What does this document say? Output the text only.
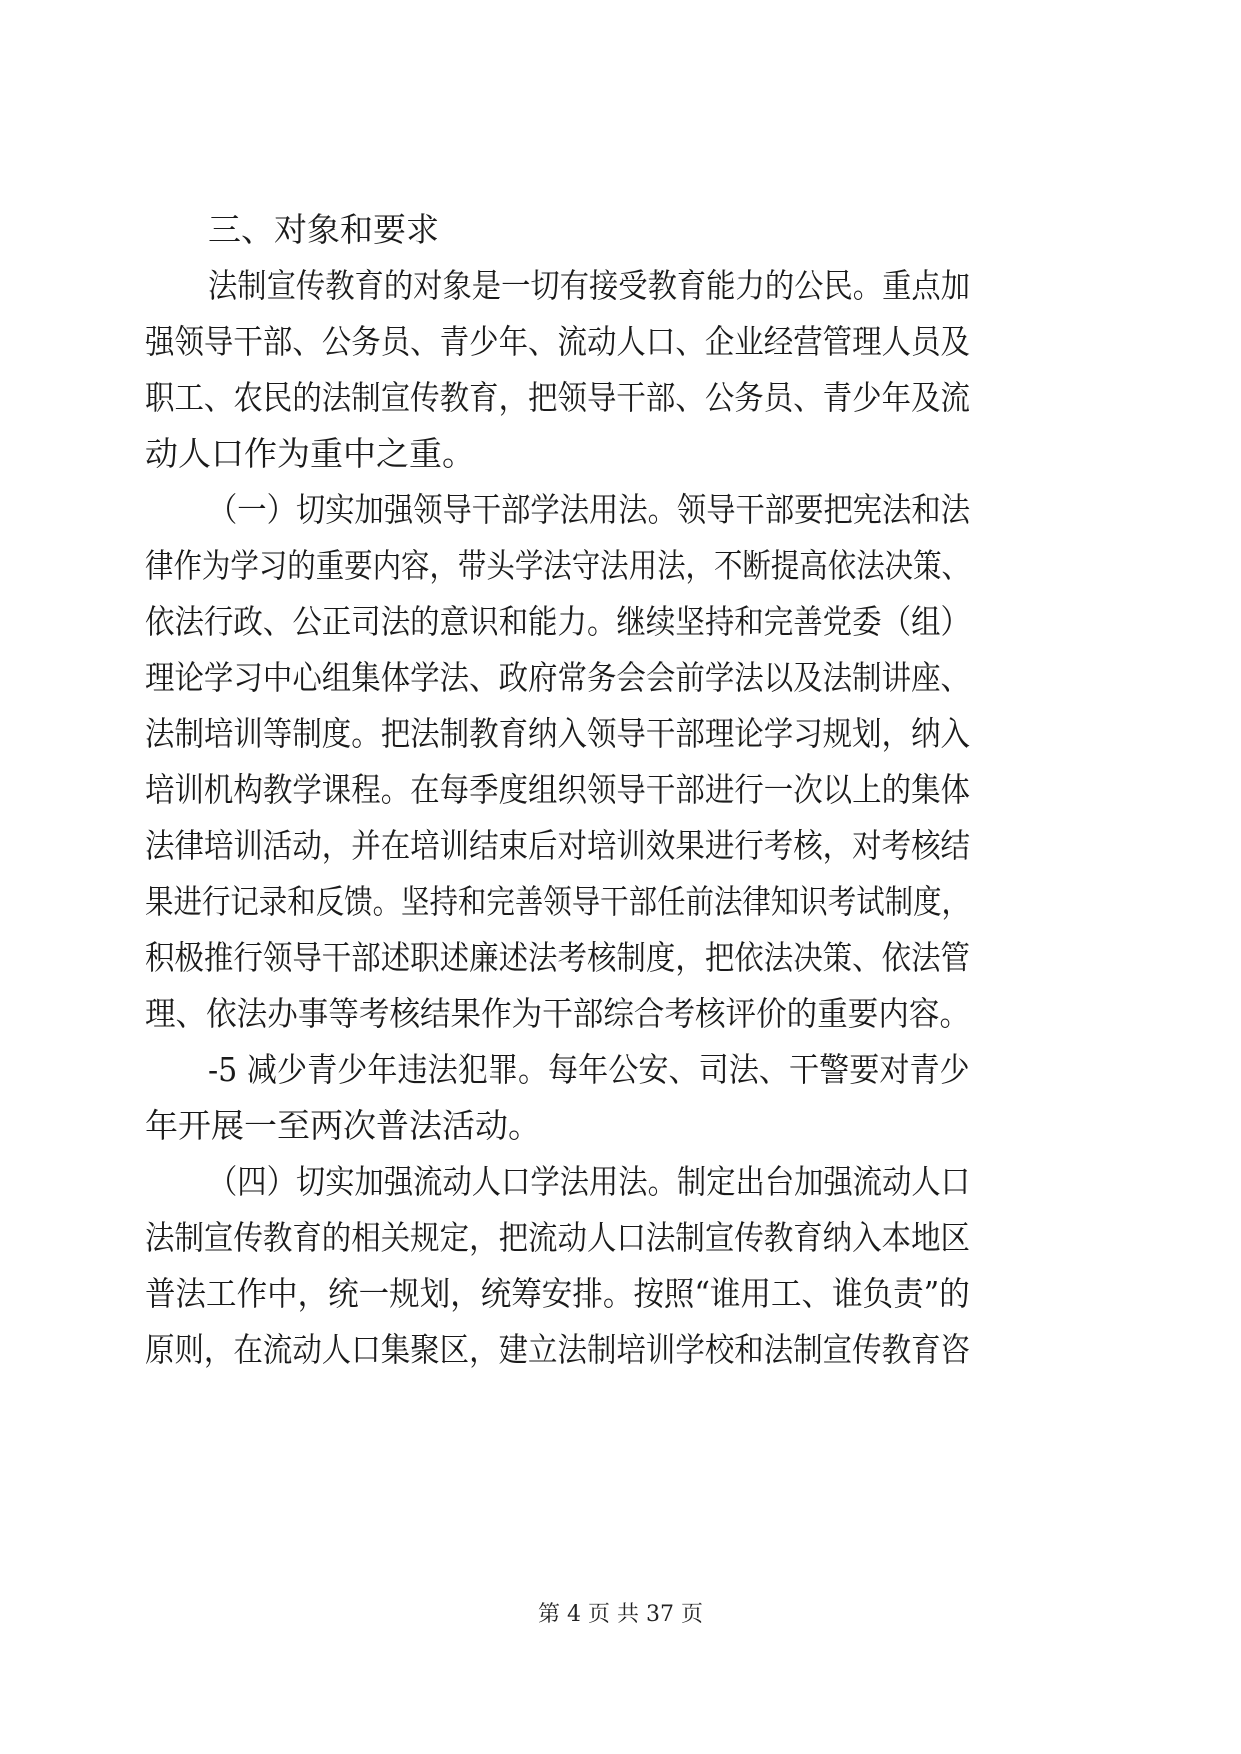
三、对象和要求
法制宣传教育的对象是一切有接受教育能力的公民。重点加
强领导干部、公务员、青少年、流动人口、企业经营管理人员及
职工、农民的法制宣传教育，把领导干部、公务员、青少年及流
动人口作为重中之重。
（一）切实加强领导干部学法用法。领导干部要把宪法和法
律作为学习的重要内容，带头学法守法用法，不断提高依法决策、
依法行政、公正司法的意识和能力。继续坚持和完善党委（组）
理论学习中心组集体学法、政府常务会会前学法以及法制讲座、
法制培训等制度。把法制教育纳入领导干部理论学习规划，纳入
培训机构教学课程。在每季度组织领导干部进行一次以上的集体
法律培训活动，并在培训结束后对培训效果进行考核，对考核结
果进行记录和反馈。坚持和完善领导干部任前法律知识考试制度，
积极推行领导干部述职述廉述法考核制度，把依法决策、依法管
理、依法办事等考核结果作为干部综合考核评价的重要内容。
-5 减少青少年违法犯罪。每年公安、司法、干警要对青少
年开展一至两次普法活动。
（四）切实加强流动人口学法用法。制定出台加强流动人口
法制宣传教育的相关规定，把流动人口法制宣传教育纳入本地区
普法工作中，统一规划，统筹安排。按照“谁用工、谁负责”的
原则，在流动人口集聚区，建立法制培训学校和法制宣传教育咨
第 4 页 共 37 页
